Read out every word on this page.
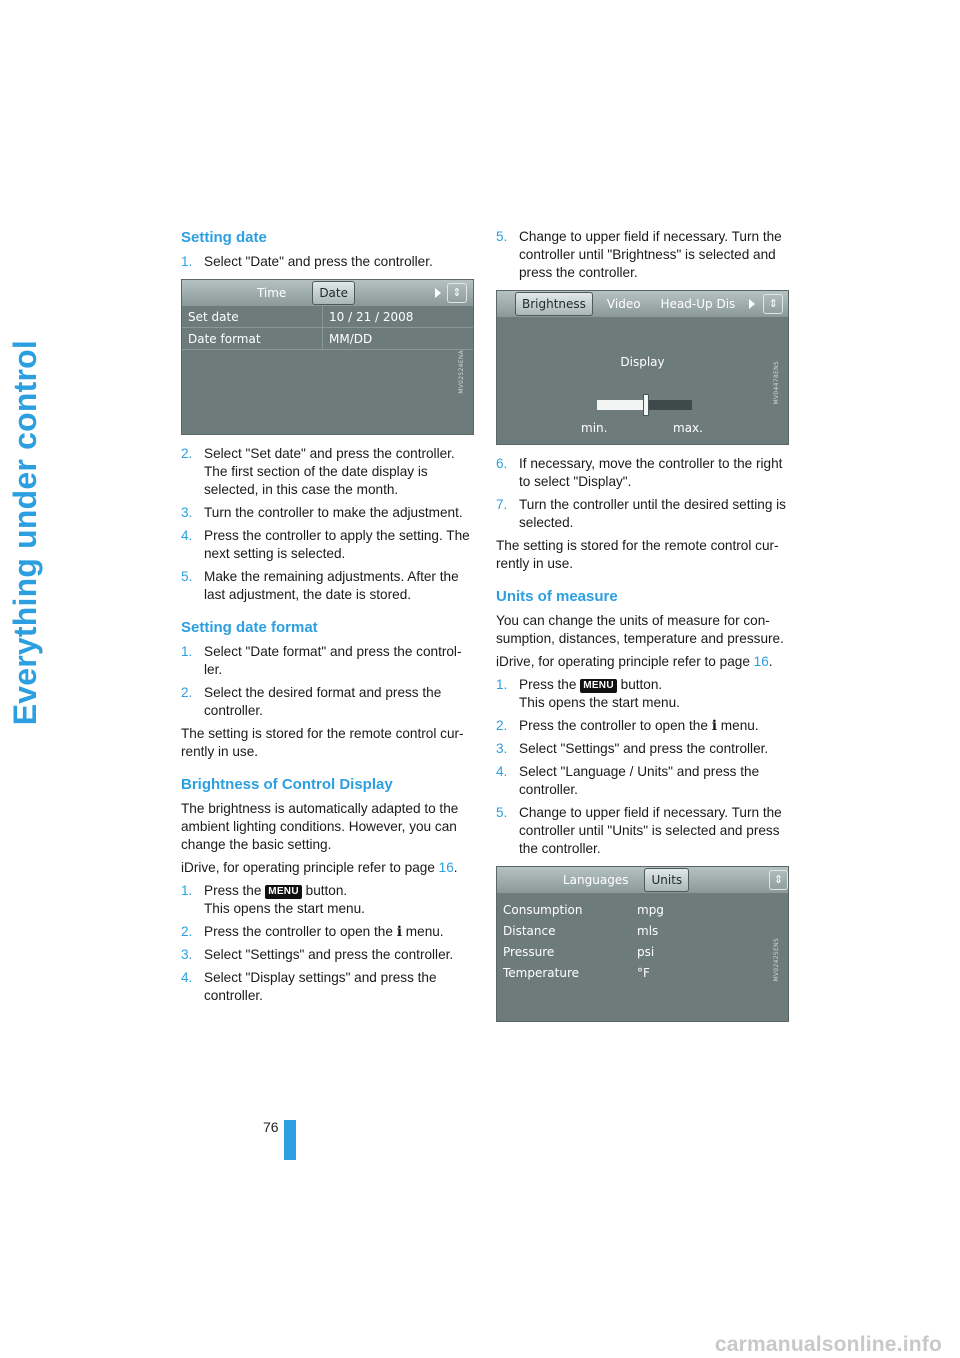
Everything under control
76
carmanualsonline.info
Setting date
1. Select "Date" and press the controller.
Time	Date	⇕
Set date	10 / 21 / 2008
Date format	MM/DD
MV02524ENA
2. Select "Set date" and press the controller. The first section of the date display is selected, in this case the month.
3. Turn the controller to make the adjustment.
4. Press the controller to apply the setting. The next setting is selected.
5. Make the remaining adjustments. After the last adjustment, the date is stored.
Setting date format
1. Select "Date format" and press the controller.
2. Select the desired format and press the controller.

The setting is stored for the remote control currently in use.

Brightness of Control Display

The brightness is automatically adapted to the ambient lighting conditions. However, you can change the basic setting.

iDrive, for operating principle refer to page 16.

1. Press the MENU button.
This opens the start menu.
2. Press the controller to open the i menu.
3. Select "Settings" and press the controller.
4. Select "Display settings" and press the controller.
5. Change to upper field if necessary. Turn the controller until "Brightness" is selected and press the controller.
Brightness	Video	Head-Up Dis	⇕
Display
min.	max.
MV04478ENS
6. If necessary, move the controller to the right to select "Display".
7. Turn the controller until the desired setting is selected.

The setting is stored for the remote control currently in use.

Units of measure

You can change the units of measure for consumption, distances, temperature and pressure.

iDrive, for operating principle refer to page 16.

1. Press the MENU button.
This opens the start menu.
2. Press the controller to open the i menu.
3. Select "Settings" and press the controller.
4. Select "Language / Units" and press the controller.
5. Change to upper field if necessary. Turn the controller until "Units" is selected and press the controller.
Languages	Units	⇕
Consumption	mpg
Distance	mls
Pressure	psi
Temperature	°F	MV02425ENS
